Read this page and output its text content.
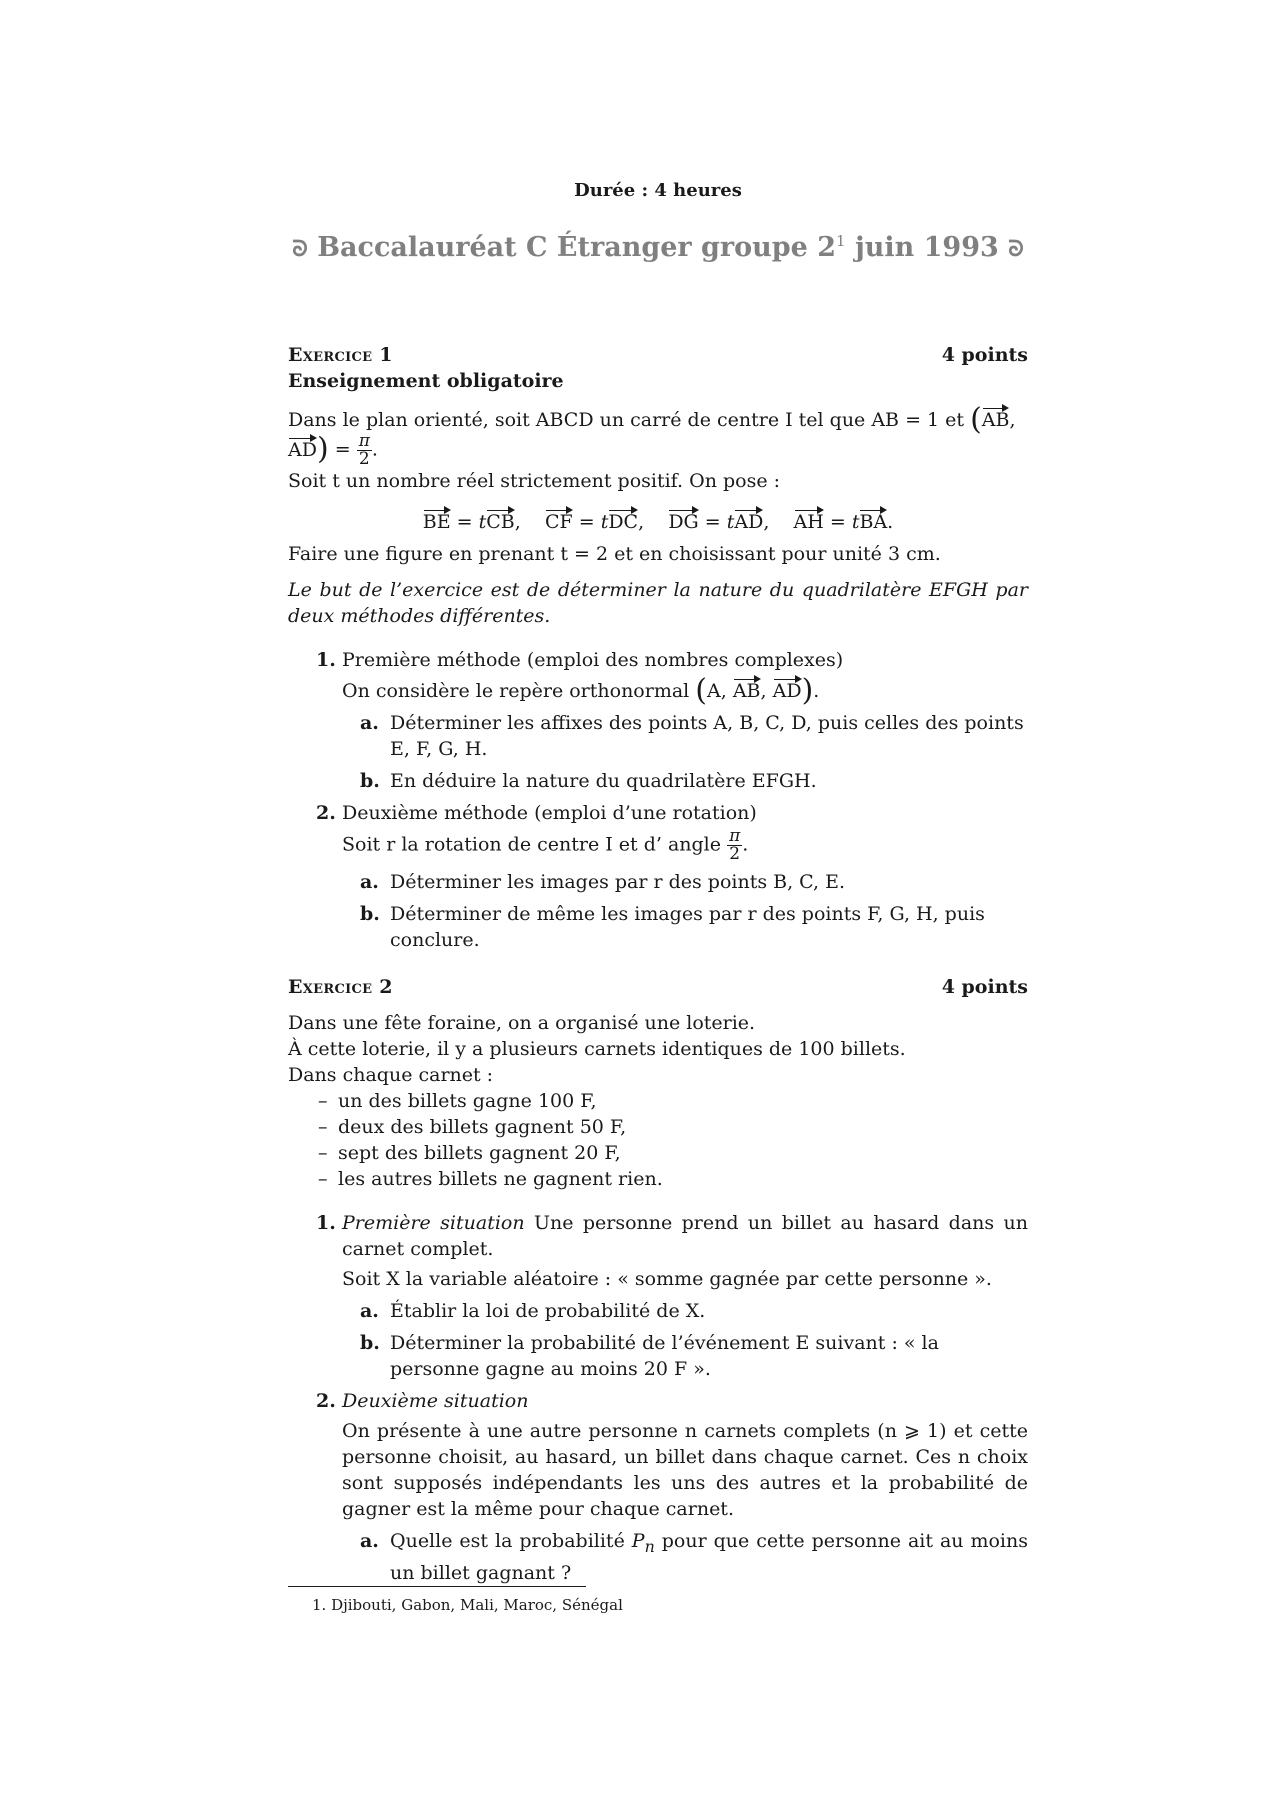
Durée : 4 heures
ᘐ Baccalauréat C Étranger groupe $2^1$ juin 1993 ᘐ
Exercice 1	4 points

Enseignement obligatoire

Dans le plan orienté, soit ABCD un carré de centre I tel que AB = 1 et (AB, $AD) = \frac{\pi}{2}$ .

Soit t un nombre réel strictement positif. On pose :

BE = tCB,    CF = tDC,    DG = tAD,    AH = tBA.

Faire une figure en prenant t = 2 et en choisissant pour unité 3 cm.

Le but de l’exercice est de déterminer la nature du quadrilatère EFGH par deux méthodes différentes.

1. Première méthode (emploi des nombres complexes)

On considère le repère orthonormal (A, AB, AD).

a. Déterminer les affixes des points A, B, C, D, puis celles des points E, F, G, H.

b. En déduire la nature du quadrilatère EFGH.

2. Deuxième méthode (emploi d’une rotation)

Soit r la rotation de centre I et d’ angle $\frac{\pi}{2}$ .

a. Déterminer les images par r des points B, C, E.

b. Déterminer de même les images par r des points F, G, H, puis conclure.

Exercice 2	4 points

Dans une fête foraine, on a organisé une loterie.

À cette loterie, il y a plusieurs carnets identiques de 100 billets.

Dans chaque carnet :

– un des billets gagne 100 F,
– deux des billets gagnent 50 F,
– sept des billets gagnent 20 F,
– les autres billets ne gagnent rien.
1. Première situation Une personne prend un billet au hasard dans un carnet complet.

Soit X la variable aléatoire : « somme gagnée par cette personne ».

a. Établir la loi de probabilité de X.

b. Déterminer la probabilité de l’événement E suivant : « la personne gagne au moins 20 F ».

2. Deuxième situation

On présente à une autre personne n carnets complets (n ⩾ 1) et cette personne choisit, au hasard, un billet dans chaque carnet. Ces n choix sont supposés indépendants les uns des autres et la probabilité de gagner est la même pour chaque carnet.

a. Quelle est la probabilité $P_n$ pour que cette personne ait au moins un billet gagnant ?

1. Djibouti, Gabon, Mali, Maroc, Sénégal
